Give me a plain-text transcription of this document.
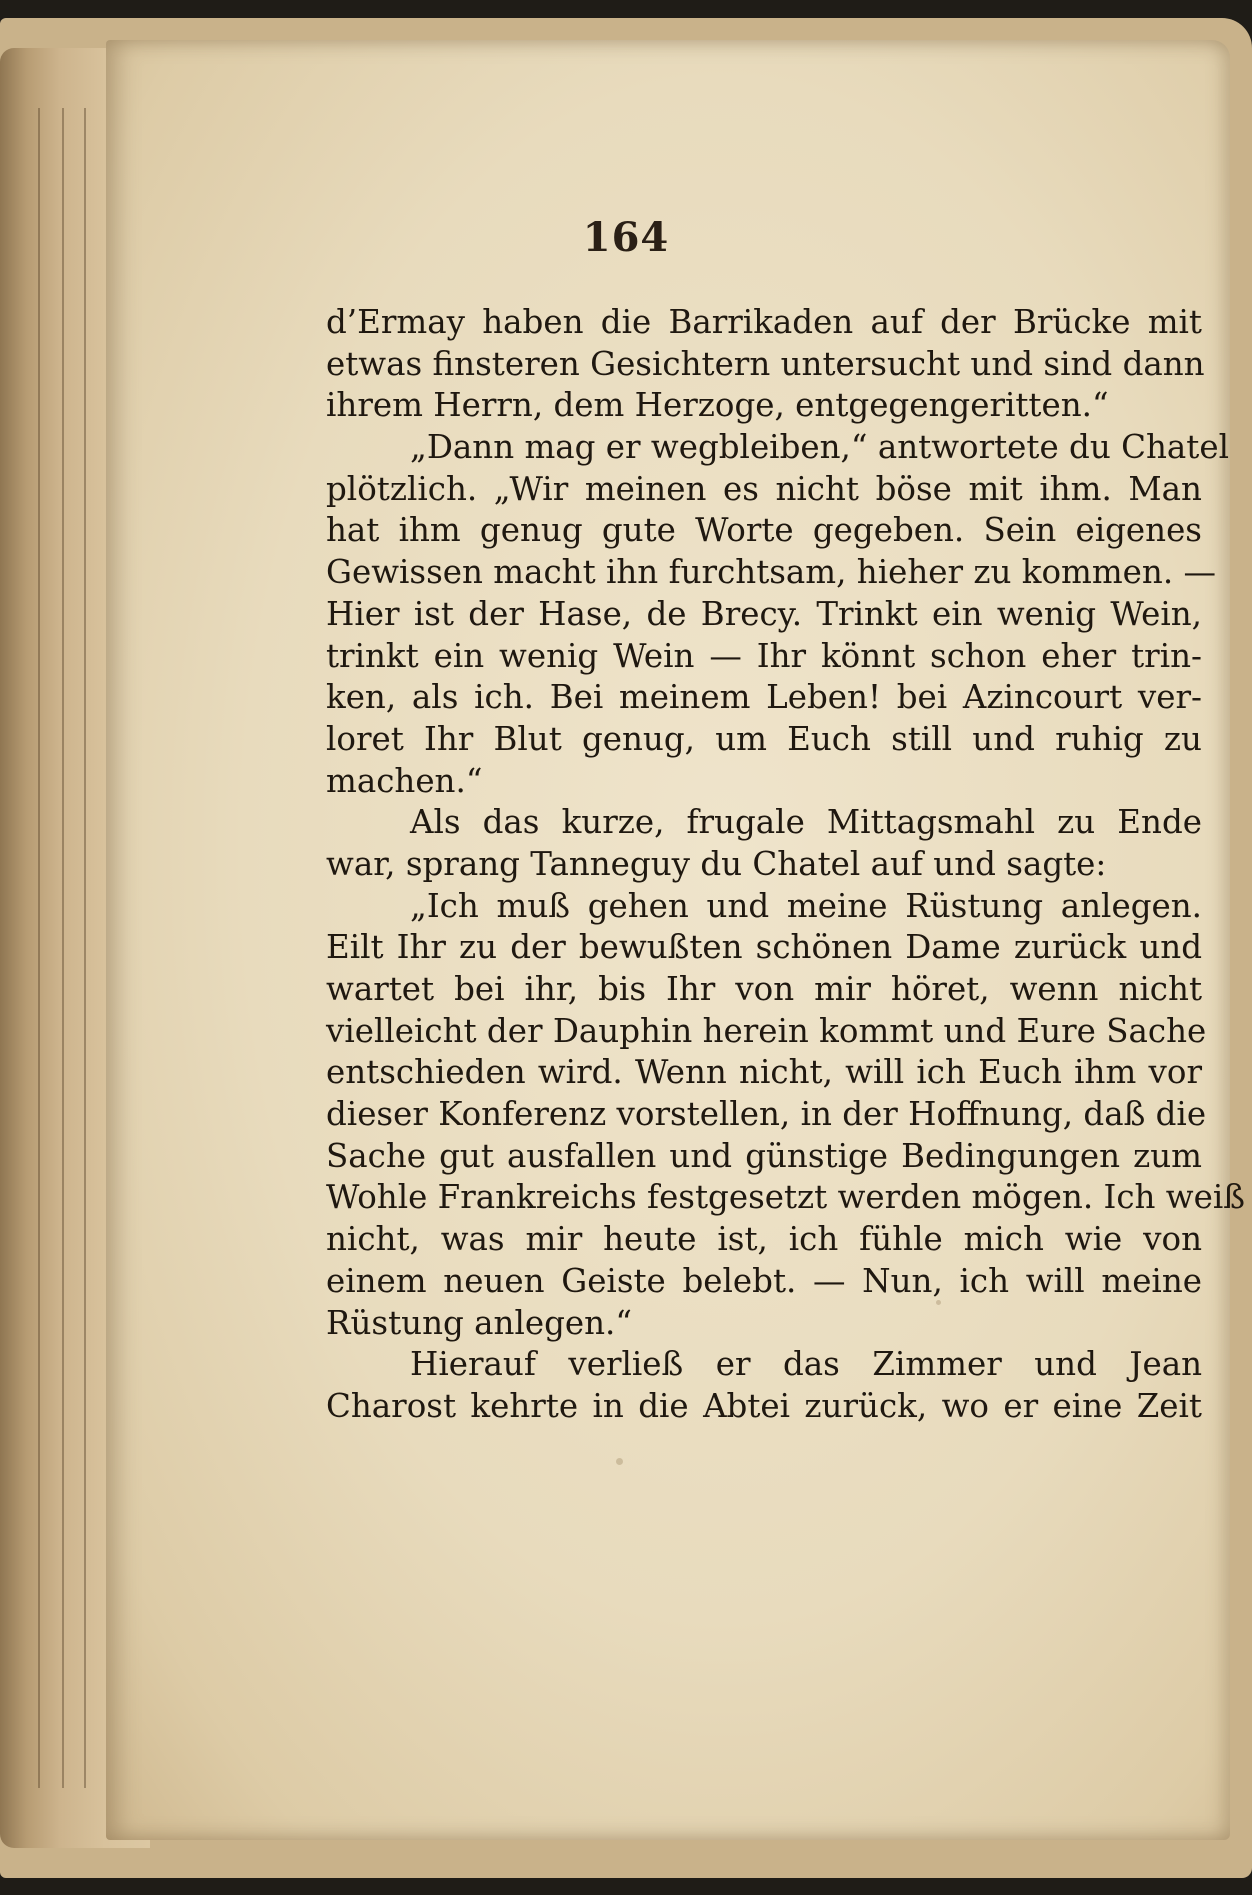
164
d’Ermay haben die Barrikaden auf der Brücke mit
etwas finsteren Gesichtern untersucht und sind dann
ihrem Herrn, dem Herzoge, entgegengeritten.“
„Dann mag er wegbleiben,“ antwortete du Chatel
plötzlich. „Wir meinen es nicht böse mit ihm. Man
hat ihm genug gute Worte gegeben. Sein eigenes
Gewissen macht ihn furchtsam, hieher zu kommen. —
Hier ist der Hase, de Brecy. Trinkt ein wenig Wein,
trinkt ein wenig Wein — Ihr könnt schon eher trin-
ken, als ich. Bei meinem Leben! bei Azincourt ver-
loret Ihr Blut genug, um Euch still und ruhig zu
machen.“
Als das kurze, frugale Mittagsmahl zu Ende
war, sprang Tanneguy du Chatel auf und sagte:
„Ich muß gehen und meine Rüstung anlegen.
Eilt Ihr zu der bewußten schönen Dame zurück und
wartet bei ihr, bis Ihr von mir höret, wenn nicht
vielleicht der Dauphin herein kommt und Eure Sache
entschieden wird. Wenn nicht, will ich Euch ihm vor
dieser Konferenz vorstellen, in der Hoffnung, daß die
Sache gut ausfallen und günstige Bedingungen zum
Wohle Frankreichs festgesetzt werden mögen. Ich weiß
nicht, was mir heute ist, ich fühle mich wie von
einem neuen Geiste belebt. — Nun, ich will meine
Rüstung anlegen.“
Hierauf verließ er das Zimmer und Jean
Charost kehrte in die Abtei zurück, wo er eine Zeit
